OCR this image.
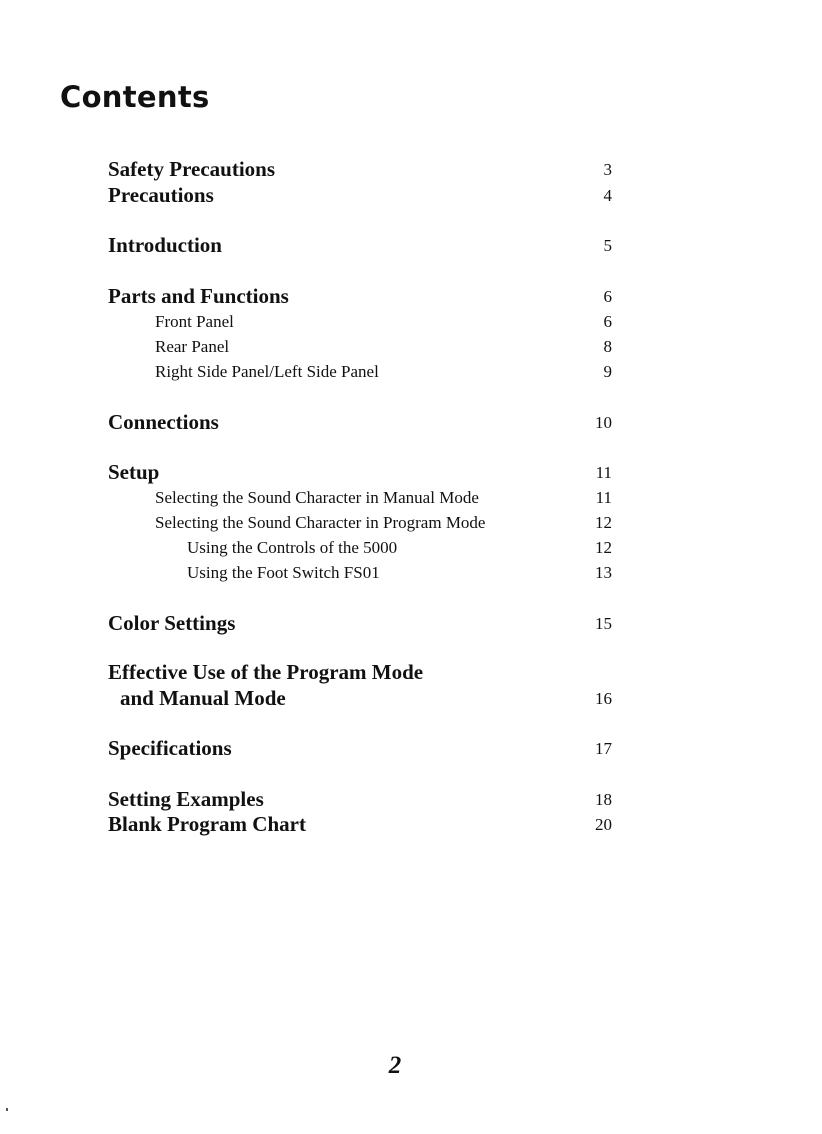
Contents
Safety Precautions	3
Precautions	4
Introduction	5
Parts and Functions	6
Front Panel	6
Rear Panel	8
Right Side Panel/Left Side Panel	9
Connections	10
Setup	11
Selecting the Sound Character in Manual Mode	11
Selecting the Sound Character in Program Mode	12
Using the Controls of the 5000	12
Using the Foot Switch FS01	13
Color Settings	15
Effective Use of the Program Mode
and Manual Mode	16
Specifications	17
Setting Examples	18
Blank Program Chart	20
2
